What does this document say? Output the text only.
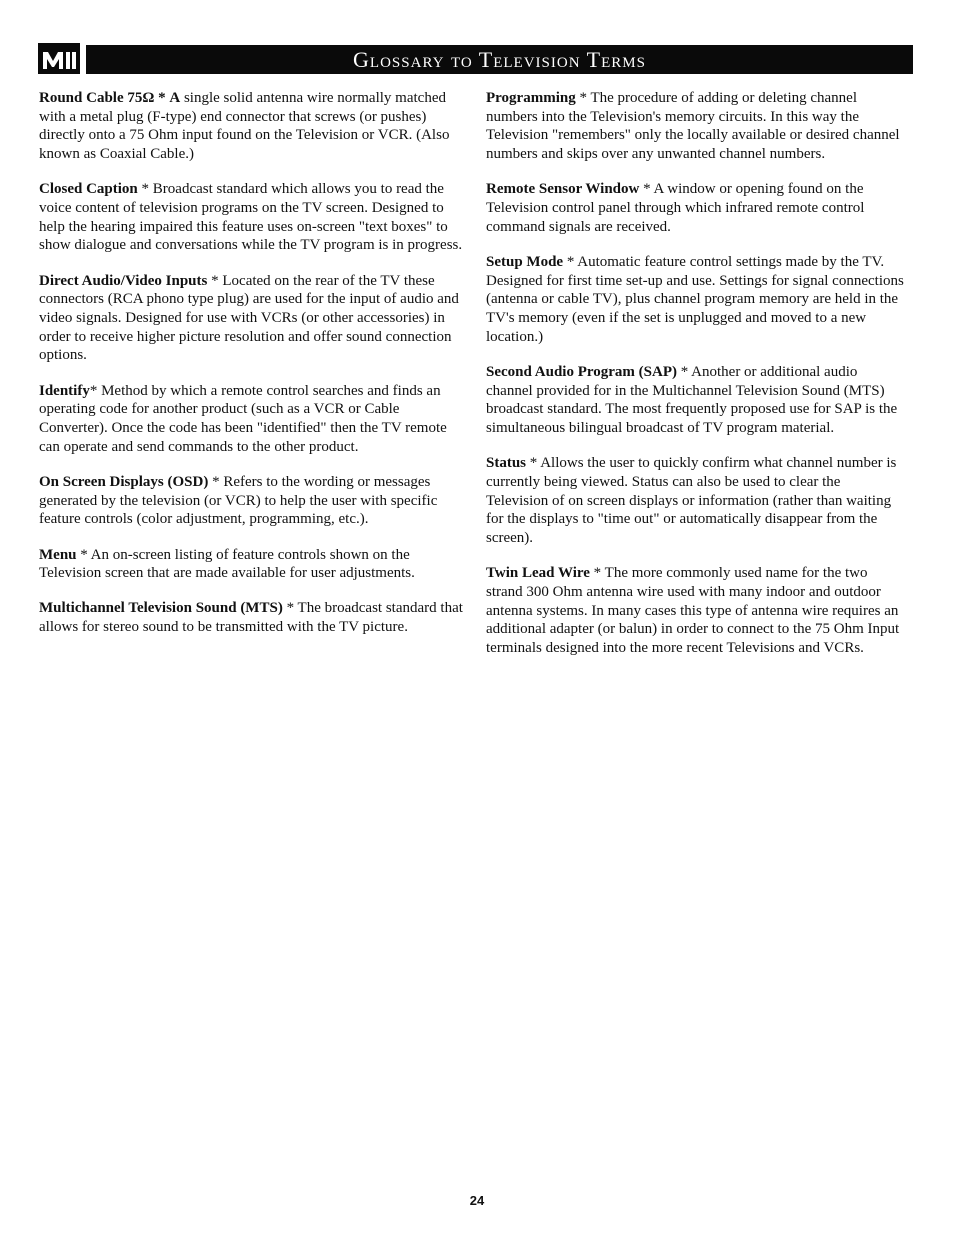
Glossary to Television Terms

Round Cable 75Ω * A single solid antenna wire normally matched with a metal plug (F-type) end connector that screws (or pushes) directly onto a 75 Ohm input found on the Television or VCR. (Also known as Coaxial Cable.)

Closed Caption * Broadcast standard which allows you to read the voice content of television programs on the TV screen. Designed to help the hearing impaired this feature uses on-screen "text boxes" to show dialogue and conversations while the TV program is in progress.

Direct Audio/Video Inputs * Located on the rear of the TV these connectors (RCA phono type plug) are used for the input of audio and video signals. Designed for use with VCRs (or other accessories) in order to receive higher picture resolution and offer sound connection options.

Identify* Method by which a remote control searches and finds an operating code for another product (such as a VCR or Cable Converter). Once the code has been "identified" then the TV remote can operate and send commands to the other product.

On Screen Displays (OSD) * Refers to the wording or messages generated by the television (or VCR) to help the user with specific feature controls (color adjustment, programming, etc.).

Menu * An on-screen listing of feature controls shown on the Television screen that are made available for user adjustments.

Multichannel Television Sound (MTS) * The broadcast standard that allows for stereo sound to be transmitted with the TV picture.

Programming * The procedure of adding or deleting channel numbers into the Television's memory circuits. In this way the Television "remembers" only the locally available or desired channel numbers and skips over any unwanted channel numbers.

Remote Sensor Window * A window or opening found on the Television control panel through which infrared remote control command signals are received.

Setup Mode * Automatic feature control settings made by the TV. Designed for first time set-up and use. Settings for signal connections (antenna or cable TV), plus channel program memory are held in the TV's memory (even if the set is unplugged and moved to a new location.)

Second Audio Program (SAP) * Another or additional audio channel provided for in the Multichannel Television Sound (MTS) broadcast standard. The most frequently proposed use for SAP is the simultaneous bilingual broadcast of TV program material.

Status * Allows the user to quickly confirm what channel number is currently being viewed. Status can also be used to clear the Television of on screen displays or information (rather than waiting for the displays to "time out" or automatically disappear from the screen).

Twin Lead Wire * The more commonly used name for the two strand 300 Ohm antenna wire used with many indoor and outdoor antenna systems. In many cases this type of antenna wire requires an additional adapter (or balun) in order to connect to the 75 Ohm Input terminals designed into the more recent Televisions and VCRs.

24
